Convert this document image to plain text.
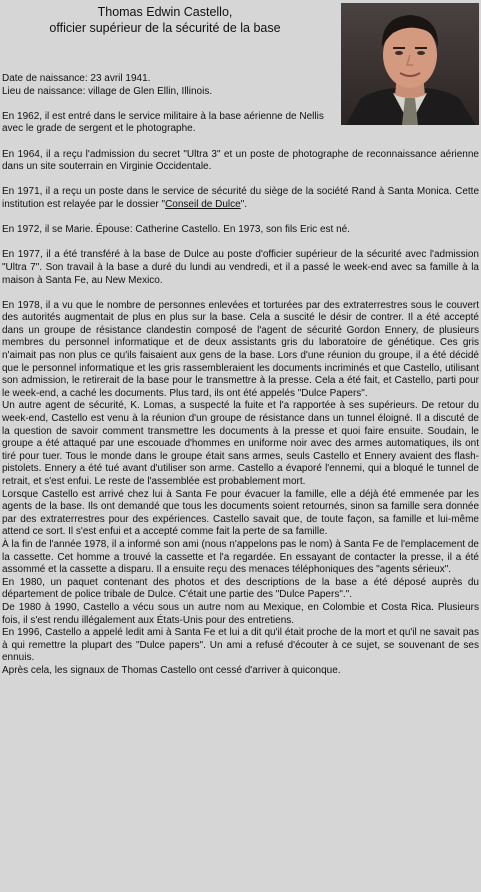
Thomas Edwin Castello,
officier supérieur de la sécurité de la base

Date de naissance: 23 avril 1941.
Lieu de naissance: village de Glen Ellin, Illinois.

En 1962, il est entré dans le service militaire à la base aérienne de Nellis avec le grade de sergent et le photographe.

En 1964, il a reçu l'admission du secret "Ultra 3" et un poste de photographe de reconnaissance aérienne dans un site souterrain en Virginie Occidentale.

En 1971, il a reçu un poste dans le service de sécurité du siège de la société Rand à Santa Monica. Cette institution est relayée par le dossier "Conseil de Dulce".

En 1972, il se Marie. Épouse: Catherine Castello. En 1973, son fils Eric est né.

En 1977, il a été transféré à la base de Dulce au poste d'officier supérieur de la sécurité avec l'admission "Ultra 7". Son travail à la base a duré du lundi au vendredi, et il a passé le week-end avec sa famille à la maison à Santa Fe, au New Mexico.

En 1978, il a vu que le nombre de personnes enlevées et torturées par des extraterrestres sous le couvert des autorités augmentait de plus en plus sur la base. Cela a suscité le désir de contrer. Il a été accepté dans un groupe de résistance clandestin composé de l'agent de sécurité Gordon Ennery, de plusieurs membres du personnel informatique et de deux assistants gris du laboratoire de génétique. Ces gris n'aimait pas non plus ce qu'ils faisaient aux gens de la base. Lors d'une réunion du groupe, il a été décidé que le personnel informatique et les gris rassembleraient les documents incriminés et que Castello, utilisant son admission, le retirerait de la base pour le transmettre à la presse. Cela a été fait, et Castello, parti pour le week-end, a caché les documents. Plus tard, ils ont été appelés "Dulce Papers".

Un autre agent de sécurité, K. Lomas, a suspecté la fuite et l'a rapportée à ses supérieurs. De retour du week-end, Castello est venu à la réunion d'un groupe de résistance dans un tunnel éloigné. Il a discuté de la question de savoir comment transmettre les documents à la presse et quoi faire ensuite. Soudain, le groupe a été attaqué par une escouade d'hommes en uniforme noir avec des armes automatiques, ils ont tiré pour tuer. Tous le monde dans le groupe était sans armes, seuls Castello et Ennery avaient des flash-pistolets. Ennery a été tué avant d'utiliser son arme. Castello a évaporé l'ennemi, qui a bloqué le tunnel de retrait, et s'est enfui. Le reste de l'assemblée est probablement mort.

Lorsque Castello est arrivé chez lui à Santa Fe pour évacuer la famille, elle a déjà été emmenée par les agents de la base. Ils ont demandé que tous les documents soient retournés, sinon sa famille sera donnée par des extraterrestres pour des expériences. Castello savait que, de toute façon, sa famille et lui-même attend ce sort. Il s'est enfui et a accepté comme fait la perte de sa famille.

À la fin de l'année 1978, il a informé son ami (nous n'appelons pas le nom) à Santa Fe de l'emplacement de la cassette. Cet homme a trouvé la cassette et l'a regardée. En essayant de contacter la presse, il a été assommé et la cassette a disparu. Il a ensuite reçu des menaces téléphoniques des "agents sérieux".

En 1980, un paquet contenant des photos et des descriptions de la base a été déposé auprès du département de police tribale de Dulce. C'était une partie des "Dulce Papers".".

De 1980 à 1990, Castello a vécu sous un autre nom au Mexique, en Colombie et Costa Rica. Plusieurs fois, il s'est rendu illégalement aux États-Unis pour des entretiens.

En 1996, Castello a appelé ledit ami à Santa Fe et lui a dit qu'il était proche de la mort et qu'il ne savait pas à qui remettre la plupart des "Dulce papers". Un ami a refusé d'écouter à ce sujet, se souvenant de ses ennuis.

Après cela, les signaux de Thomas Castello ont cessé d'arriver à quiconque.
